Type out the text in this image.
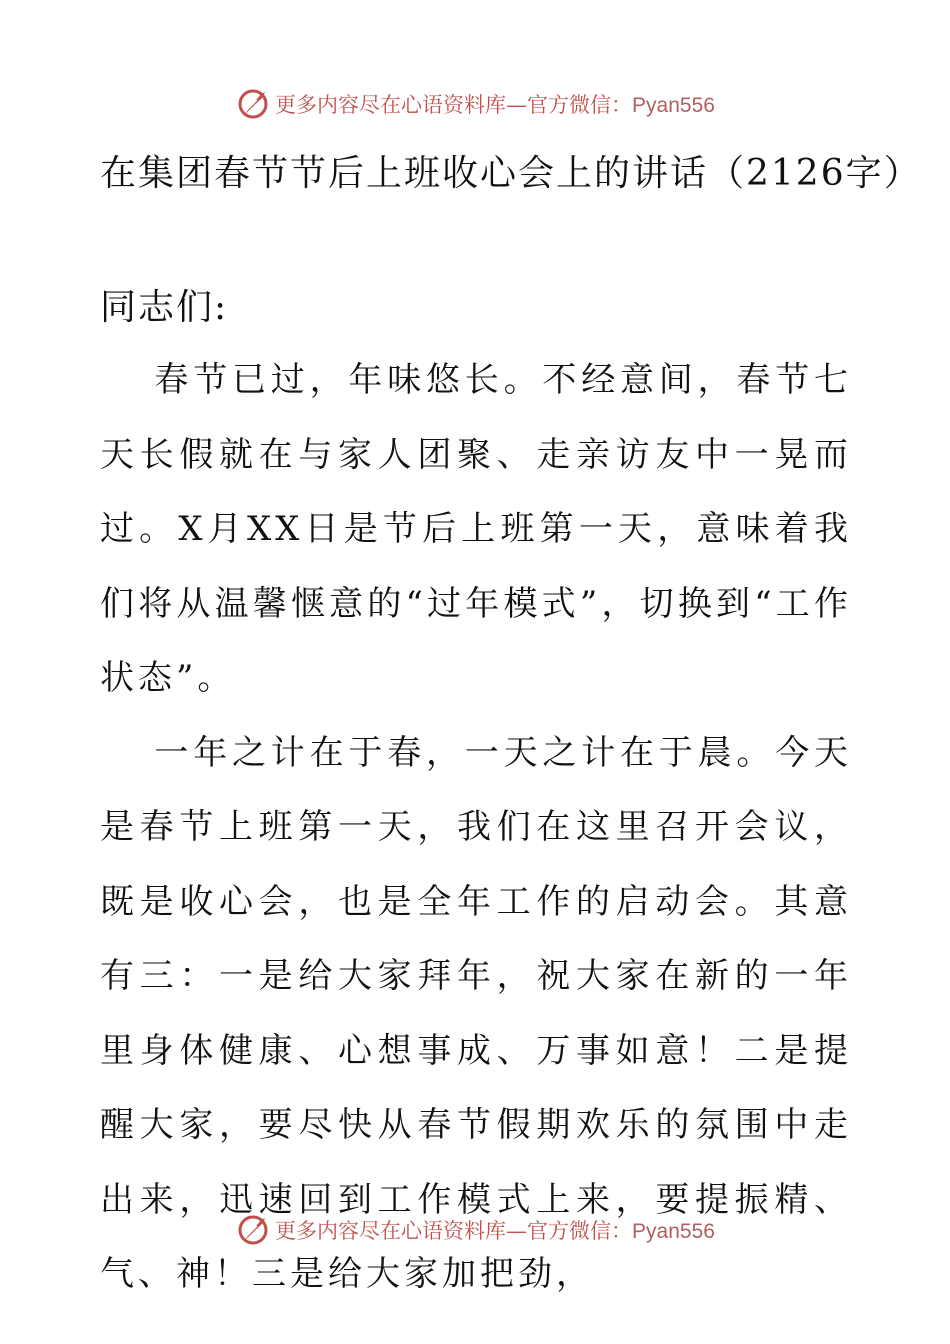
更多内容尽在心语资料库—官方微信：Pyan556
在集团春节节后上班收心会上的讲话（2126字）
同志们:

春节已过，年味悠长。不经意间，春节七天长假就在与家人团聚、走亲访友中一晃而过。X月XX日是节后上班第一天，意味着我们将从温馨惬意的“过年模式”，切换到“工作状态”。

一年之计在于春，一天之计在于晨。今天是春节上班第一天，我们在这里召开会议，既是收心会，也是全年工作的启动会。其意有三：一是给大家拜年，祝大家在新的一年里身体健康、心想事成、万事如意！二是提醒大家，要尽快从春节假期欢乐的氛围中走出来，迅速回到工作模式上来，要提振精、气、神！三是给大家加把劲，

更多内容尽在心语资料库—官方微信：Pyan556
